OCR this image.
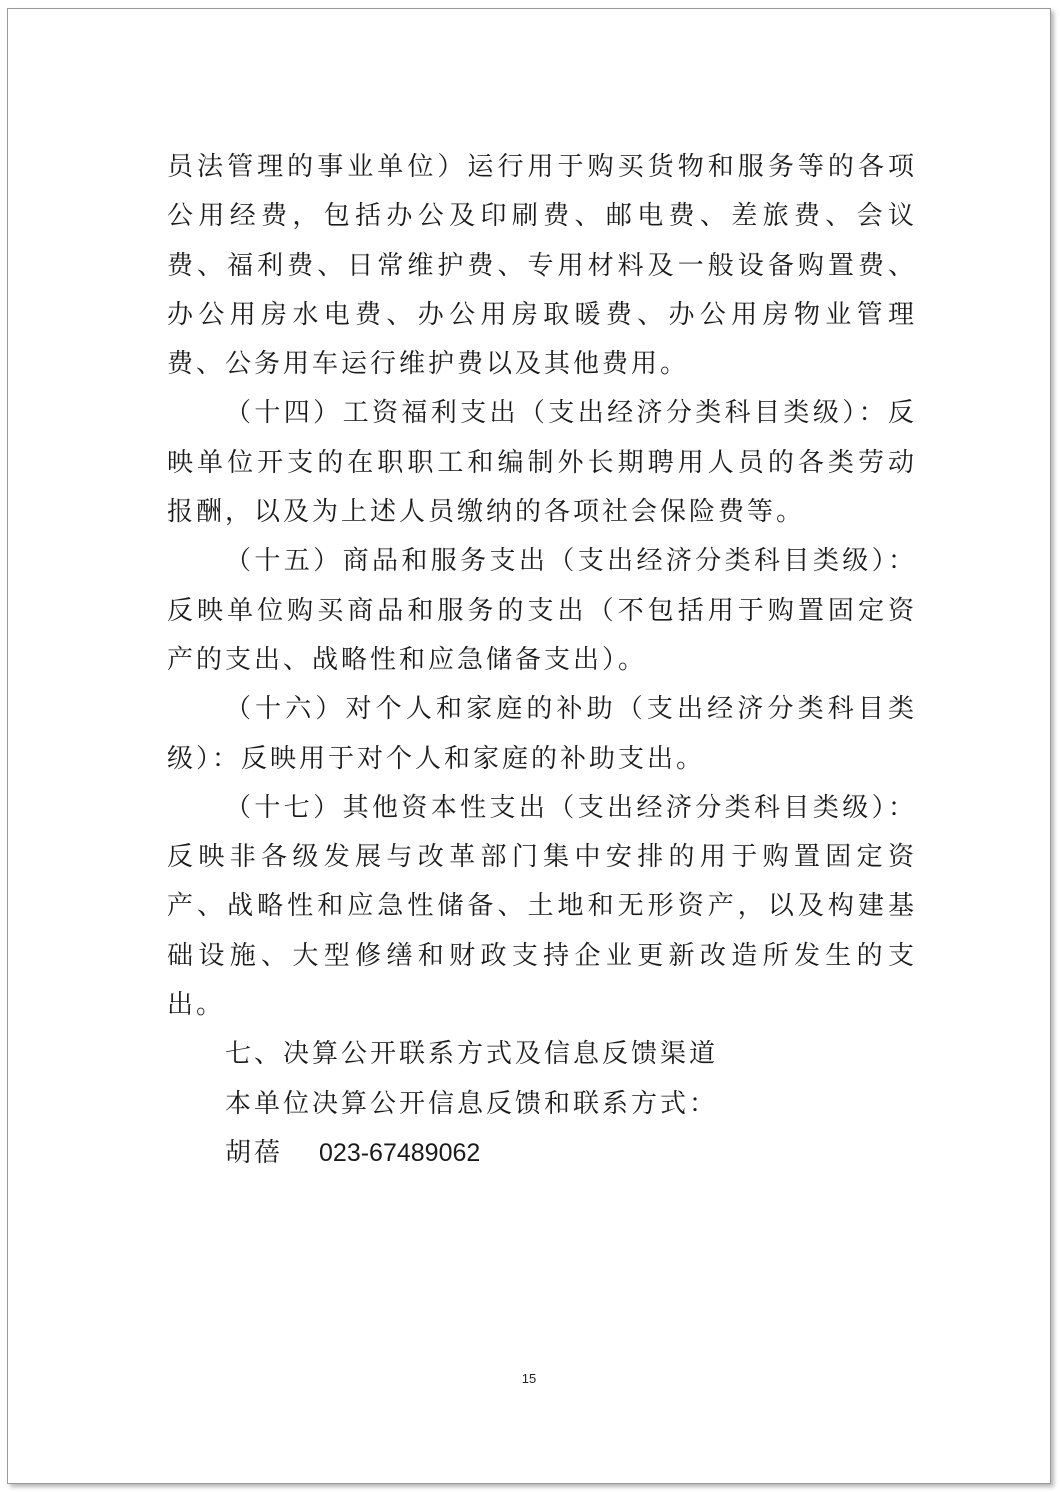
员法管理的事业单位）运行用于购买货物和服务等的各项公用经费，包括办公及印刷费、邮电费、差旅费、会议费、福利费、日常维护费、专用材料及一般设备购置费、办公用房水电费、办公用房取暖费、办公用房物业管理费、公务用车运行维护费以及其他费用。

（十四）工资福利支出（支出经济分类科目类级）：反映单位开支的在职职工和编制外长期聘用人员的各类劳动报酬，以及为上述人员缴纳的各项社会保险费等。

（十五）商品和服务支出（支出经济分类科目类级）：反映单位购买商品和服务的支出（不包括用于购置固定资产的支出、战略性和应急储备支出）。

（十六）对个人和家庭的补助（支出经济分类科目类级）：反映用于对个人和家庭的补助支出。

（十七）其他资本性支出（支出经济分类科目类级）：反映非各级发展与改革部门集中安排的用于购置固定资产、战略性和应急性储备、土地和无形资产，以及构建基础设施、大型修缮和财政支持企业更新改造所发生的支出。

七、决算公开联系方式及信息反馈渠道

本单位决算公开信息反馈和联系方式：

胡蓓 023-67489062

15
